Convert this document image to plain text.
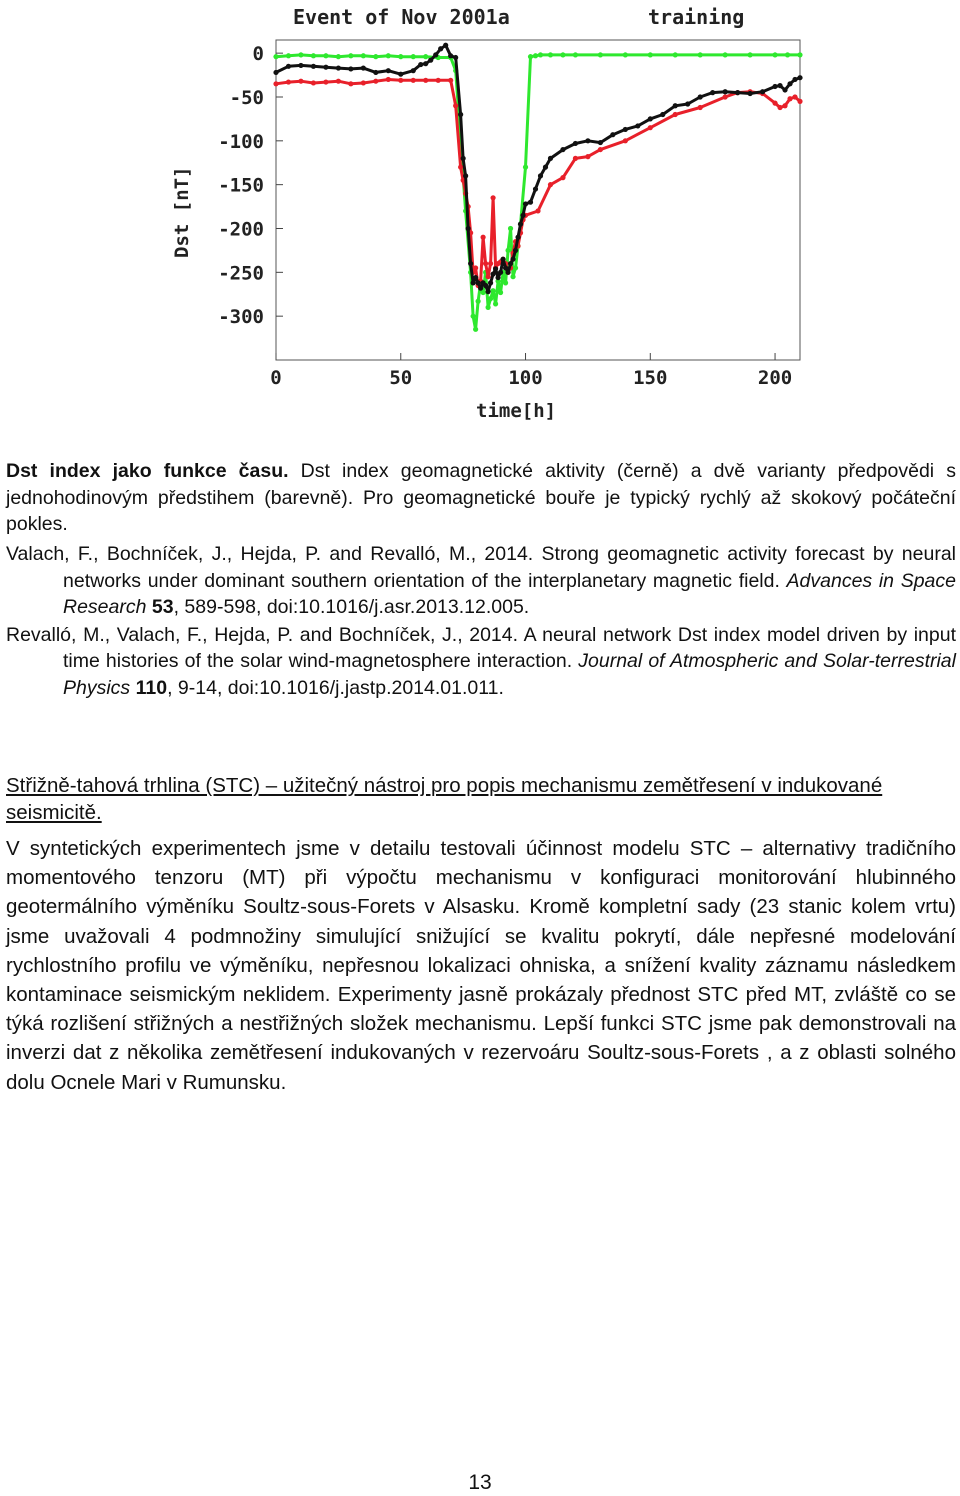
Event of Nov 2001a	training
Dst [nT]
time[h]
0
-50
-100
-150
-200
-250
-300
0	50	100	150	200
Dst index jako funkce času. Dst index geomagnetické aktivity (černě) a dvě varianty předpovědi s jednohodinovým předstihem (barevně). Pro geomagnetické bouře je typický rychlý až skokový počáteční pokles.
Valach, F., Bochníček, J., Hejda, P. and Revalló, M., 2014. Strong geomagnetic activity forecast by neural networks under dominant southern orientation of the interplanetary magnetic field. Advances in Space Research 53, 589-598, doi:10.1016/j.asr.2013.12.005.
Revalló, M., Valach, F., Hejda, P. and Bochníček, J., 2014. A neural network Dst index model driven by input time histories of the solar wind-magnetosphere interaction. Journal of Atmospheric and Solar-terrestrial Physics 110, 9-14, doi:10.1016/j.jastp.2014.01.011.
Střižně-tahová trhlina (STC) – užitečný nástroj pro popis mechanismu zemětřesení v indukované seismicitě.
V syntetických experimentech jsme v detailu testovali účinnost modelu STC – alternativy tradičního momentového tenzoru (MT) při výpočtu mechanismu v konfiguraci monitorování hlubinného geotermálního výměníku Soultz-sous-Forets v Alsasku. Kromě kompletní sady (23 stanic kolem vrtu) jsme uvažovali 4 podmnožiny simulující snižující se kvalitu pokrytí, dále nepřesné modelování rychlostního profilu ve výměníku, nepřesnou lokalizaci ohniska, a snížení kvality záznamu následkem kontaminace seismickým neklidem. Experimenty jasně prokázaly přednost STC před MT, zvláště co se týká rozlišení střižných a nestřižných složek mechanismu. Lepší funkci STC jsme pak demonstrovali na inverzi dat z několika zemětřesení indukovaných v rezervoáru Soultz-sous-Forets , a z oblasti solného dolu Ocnele Mari v Rumunsku.
13
